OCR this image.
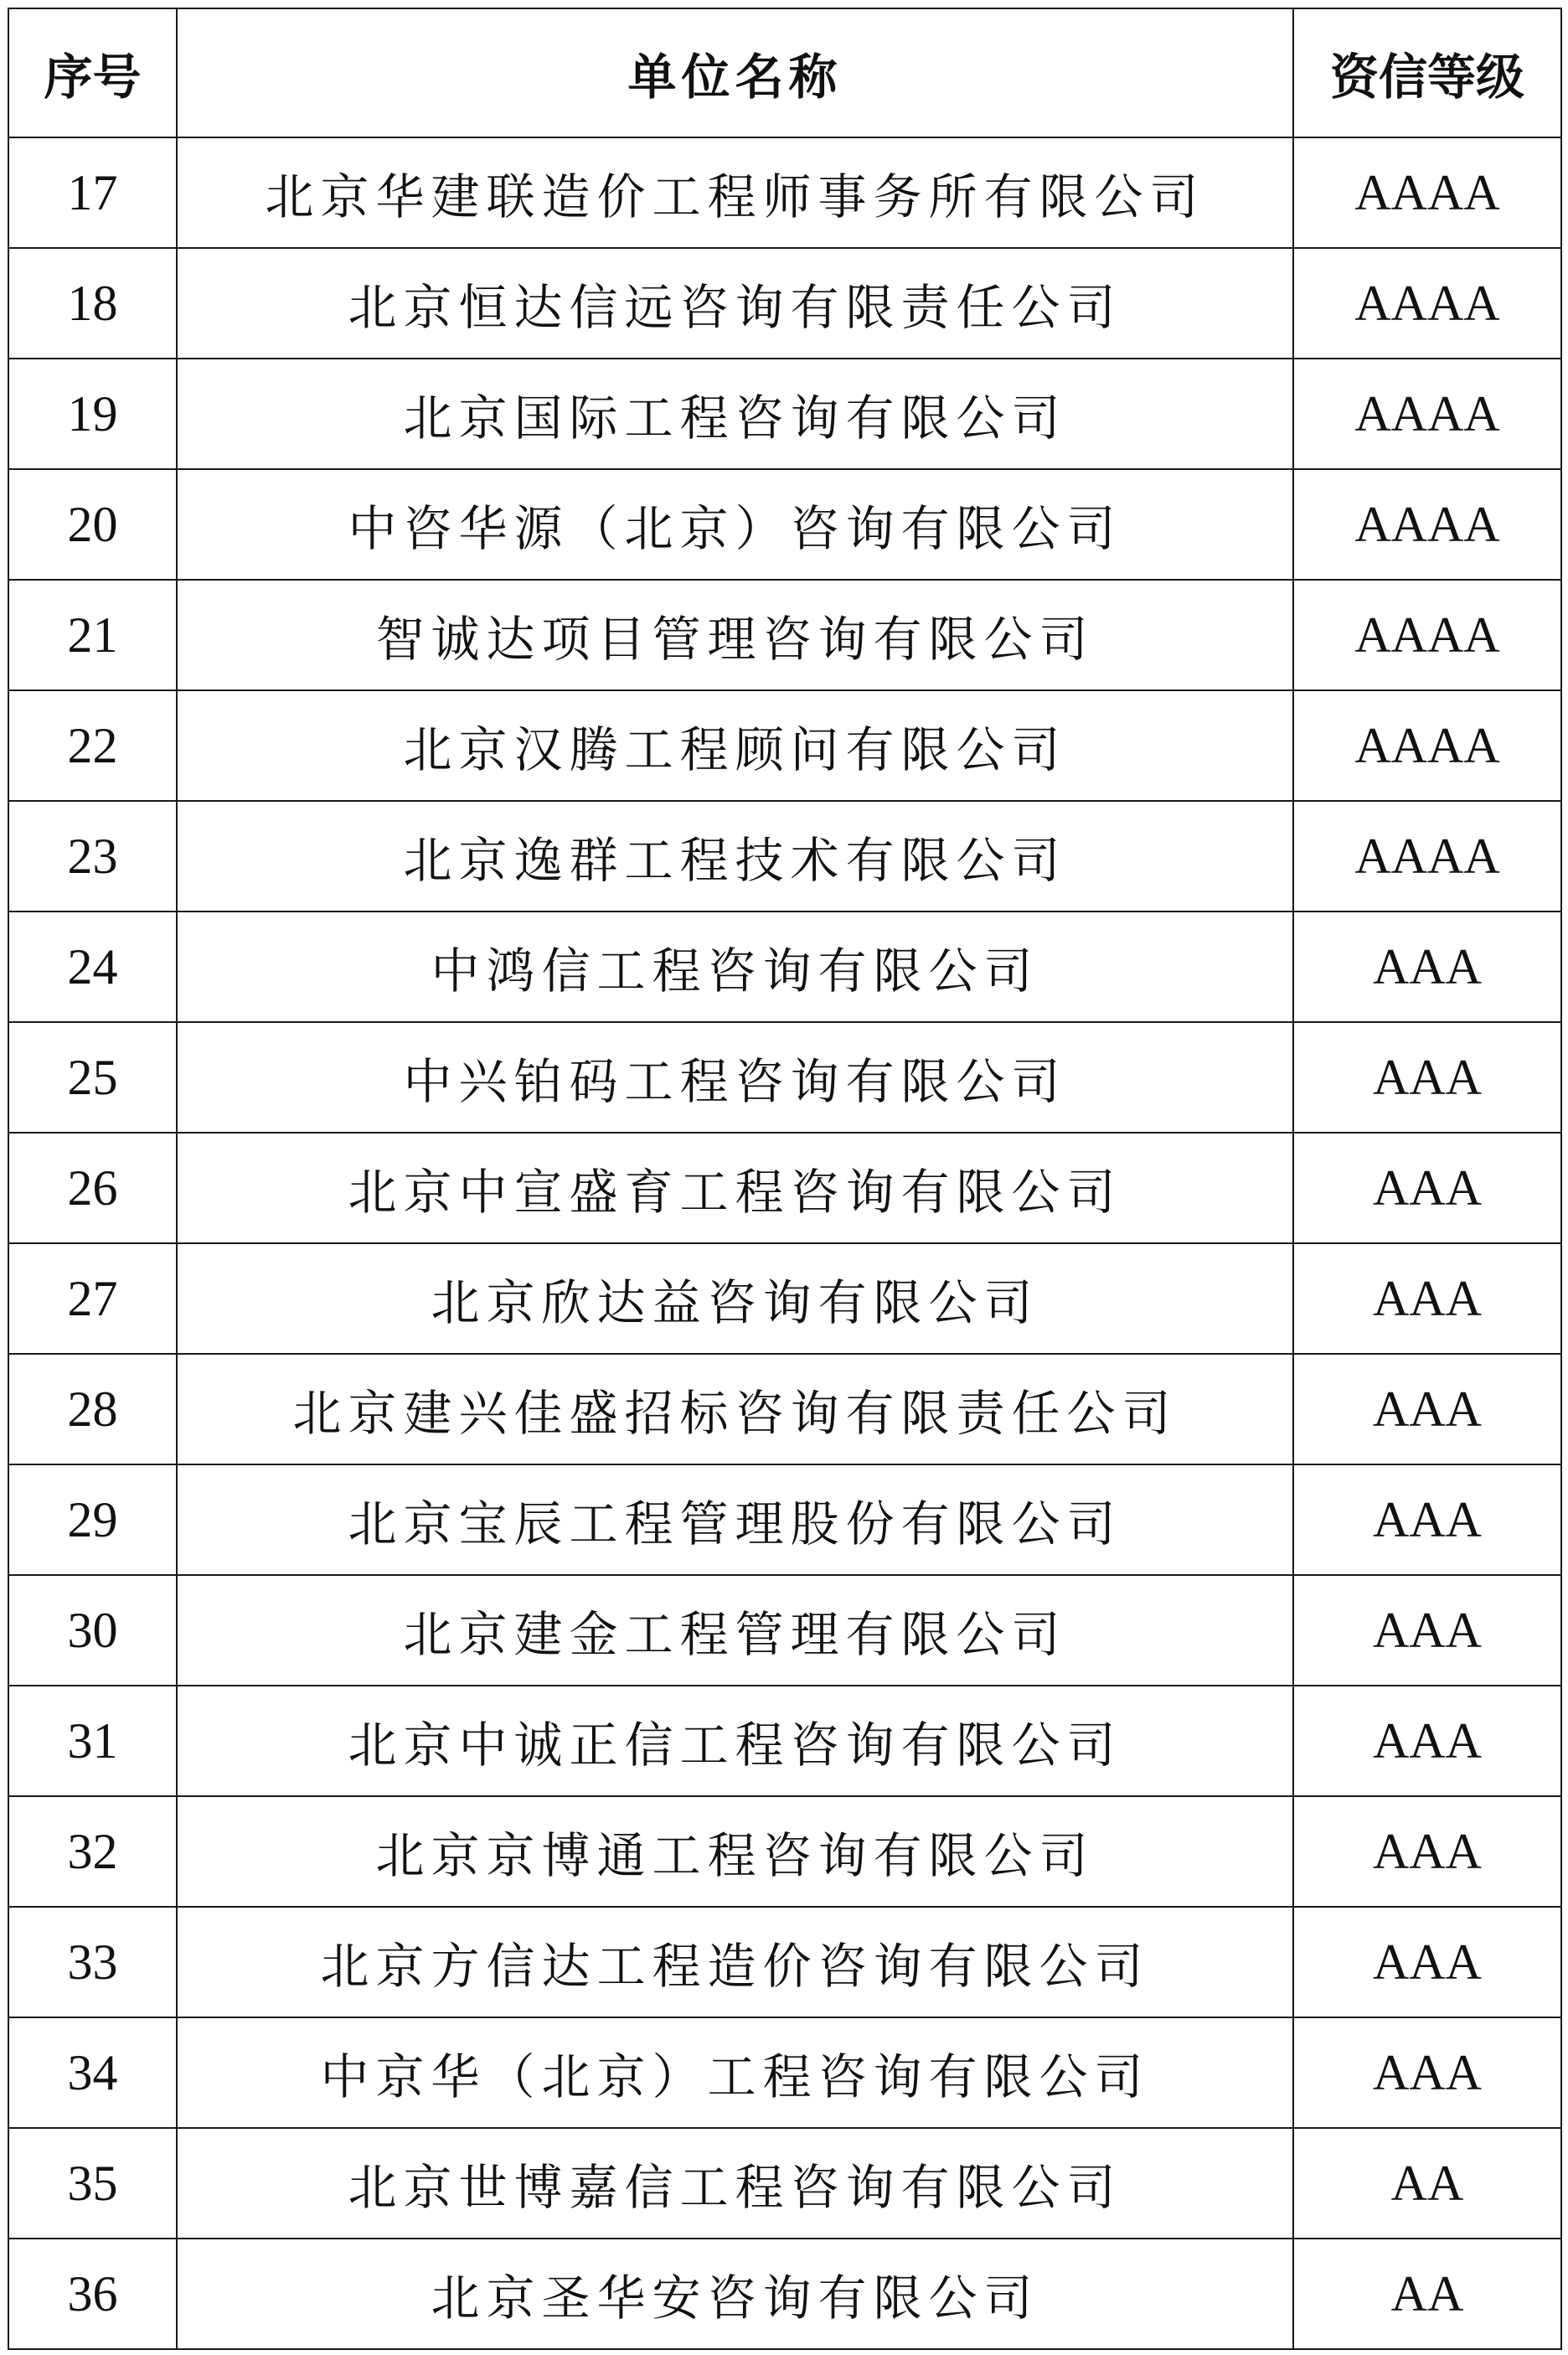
序号	单位名称	资信等级
17	北京华建联造价工程师事务所有限公司	AAAA
18	北京恒达信远咨询有限责任公司	AAAA
19	北京国际工程咨询有限公司	AAAA
20	中咨华源（北京）咨询有限公司	AAAA
21	智诚达项目管理咨询有限公司	AAAA
22	北京汉腾工程顾问有限公司	AAAA
23	北京逸群工程技术有限公司	AAAA
24	中鸿信工程咨询有限公司	AAA
25	中兴铂码工程咨询有限公司	AAA
26	北京中宣盛育工程咨询有限公司	AAA
27	北京欣达益咨询有限公司	AAA
28	北京建兴佳盛招标咨询有限责任公司	AAA
29	北京宝辰工程管理股份有限公司	AAA
30	北京建金工程管理有限公司	AAA
31	北京中诚正信工程咨询有限公司	AAA
32	北京京博通工程咨询有限公司	AAA
33	北京方信达工程造价咨询有限公司	AAA
34	中京华（北京）工程咨询有限公司	AAA
35	北京世博嘉信工程咨询有限公司	AA
36	北京圣华安咨询有限公司	AA
